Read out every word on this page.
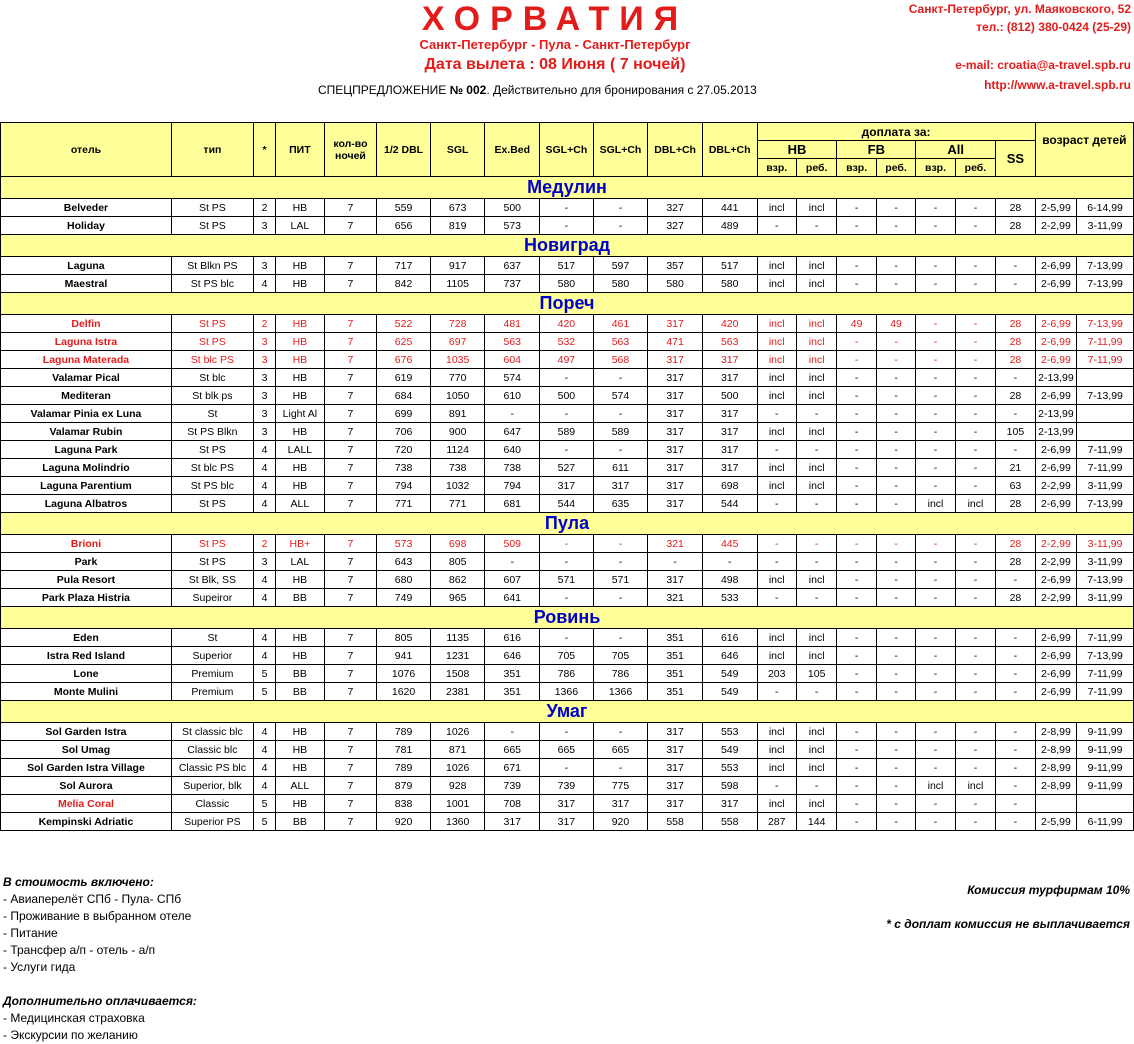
ХОРВАТИЯ
Санкт-Петербург - Пула - Санкт-Петербург
Дата вылета : 08 Июня ( 7 ночей)
СПЕЦПРЕДЛОЖЕНИЕ № 002. Действительно для бронирования с 27.05.2013
Санкт-Петербург, ул. Маяковского, 52
тел.: (812) 380-0424 (25-29)
e-mail: croatia@a-travel.spb.ru
http://www.a-travel.spb.ru
отель	тип	*	ПИТ	кол-во ночей	1/2 DBL	SGL	Ex.Bed	SGL+Ch	SGL+Ch	DBL+Ch	DBL+Ch	доплата за:							возраст детей	
												HB		FB		All		SS		
												взр.	реб.	взр.	реб.	взр.	реб.			
Медулин																				
Belveder	St PS	2	HB	7	559	673	500	-	-	327	441	incl	incl	-	-	-	-	28	2-5,99	6-14,99
Holiday	St PS	3	LAL	7	656	819	573	-	-	327	489	-	-	-	-	-	-	28	2-2,99	3-11,99
Новиград																				
Laguna	St Blkn PS	3	HB	7	717	917	637	517	597	357	517	incl	incl	-	-	-	-	-	2-6,99	7-13,99
Maestral	St PS blc	4	HB	7	842	1105	737	580	580	580	580	incl	incl	-	-	-	-	-	2-6,99	7-13,99
Пореч																				
Delfin	St PS	2	HB	7	522	728	481	420	461	317	420	incl	incl	49	49	-	-	28	2-6,99	7-13,99
Laguna Istra	St PS	3	HB	7	625	697	563	532	563	471	563	incl	incl	-	-	-	-	28	2-6,99	7-11,99
Laguna Materada	St blc PS	3	HB	7	676	1035	604	497	568	317	317	incl	incl	-	-	-	-	28	2-6,99	7-11,99
Valamar Pical	St blc	3	HB	7	619	770	574	-	-	317	317	incl	incl	-	-	-	-	-	2-13,99	
Mediteran	St blk ps	3	HB	7	684	1050	610	500	574	317	500	incl	incl	-	-	-	-	28	2-6,99	7-13,99
Valamar Pinia ex Luna	St	3	Light Al	7	699	891	-	-	-	317	317	-	-	-	-	-	-	-	2-13,99	
Valamar Rubin	St PS Blkn	3	HB	7	706	900	647	589	589	317	317	incl	incl	-	-	-	-	105	2-13,99	
Laguna Park	St PS	4	LALL	7	720	1124	640	-	-	317	317	-	-	-	-	-	-	-	2-6,99	7-11,99
Laguna Molindrio	St blc PS	4	HB	7	738	738	738	527	611	317	317	incl	incl	-	-	-	-	21	2-6,99	7-11,99
Laguna Parentium	St PS blc	4	HB	7	794	1032	794	317	317	317	698	incl	incl	-	-	-	-	63	2-2,99	3-11,99
Laguna Albatros	St PS	4	ALL	7	771	771	681	544	635	317	544	-	-	-	-	incl	incl	28	2-6,99	7-13,99
Пула																				
Brioni	St PS	2	HB+	7	573	698	509	-	-	321	445	-	-	-	-	-	-	28	2-2,99	3-11,99
Park	St PS	3	LAL	7	643	805	-	-	-	-	-	-	-	-	-	-	-	28	2-2,99	3-11,99
Pula Resort	St Blk, SS	4	HB	7	680	862	607	571	571	317	498	incl	incl	-	-	-	-	-	2-6,99	7-13,99
Park Plaza Histria	Supeiror	4	BB	7	749	965	641	-	-	321	533	-	-	-	-	-	-	28	2-2,99	3-11,99
Ровинь																				
Eden	St	4	HB	7	805	1135	616	-	-	351	616	incl	incl	-	-	-	-	-	2-6,99	7-11,99
Istra Red Island	Superior	4	HB	7	941	1231	646	705	705	351	646	incl	incl	-	-	-	-	-	2-6,99	7-13,99
Lone	Premium	5	BB	7	1076	1508	351	786	786	351	549	203	105	-	-	-	-	-	2-6,99	7-11,99
Monte Mulini	Premium	5	BB	7	1620	2381	351	1366	1366	351	549	-	-	-	-	-	-	-	2-6,99	7-11,99
Умаг																				
Sol Garden Istra	St classic blc	4	HB	7	789	1026	-	-	-	317	553	incl	incl	-	-	-	-	-	2-8,99	9-11,99
Sol Umag	Classic blc	4	HB	7	781	871	665	665	665	317	549	incl	incl	-	-	-	-	-	2-8,99	9-11,99
Sol Garden Istra Village	Classic PS blc	4	HB	7	789	1026	671	-	-	317	553	incl	incl	-	-	-	-	-	2-8,99	9-11,99
Sol Aurora	Superior, blk	4	ALL	7	879	928	739	739	775	317	598	-	-	-	-	incl	incl	-	2-8,99	9-11,99
Melia Coral	Classic	5	HB	7	838	1001	708	317	317	317	317	incl	incl	-	-	-	-	-		
Kempinski Adriatic	Superior PS	5	BB	7	920	1360	317	317	920	558	558	287	144	-	-	-	-	-	2-5,99	6-11,99
В стоимость включено:
- Авиаперелёт СПб - Пула- СПб
- Проживание в выбранном отеле
- Питание
- Трансфер а/п - отель - а/п
- Услуги гида
Дополнительно оплачивается:
- Медицинская страховка
- Экскурсии по желанию
Комиссия турфирмам 10%
* с доплат комиссия не выплачивается
